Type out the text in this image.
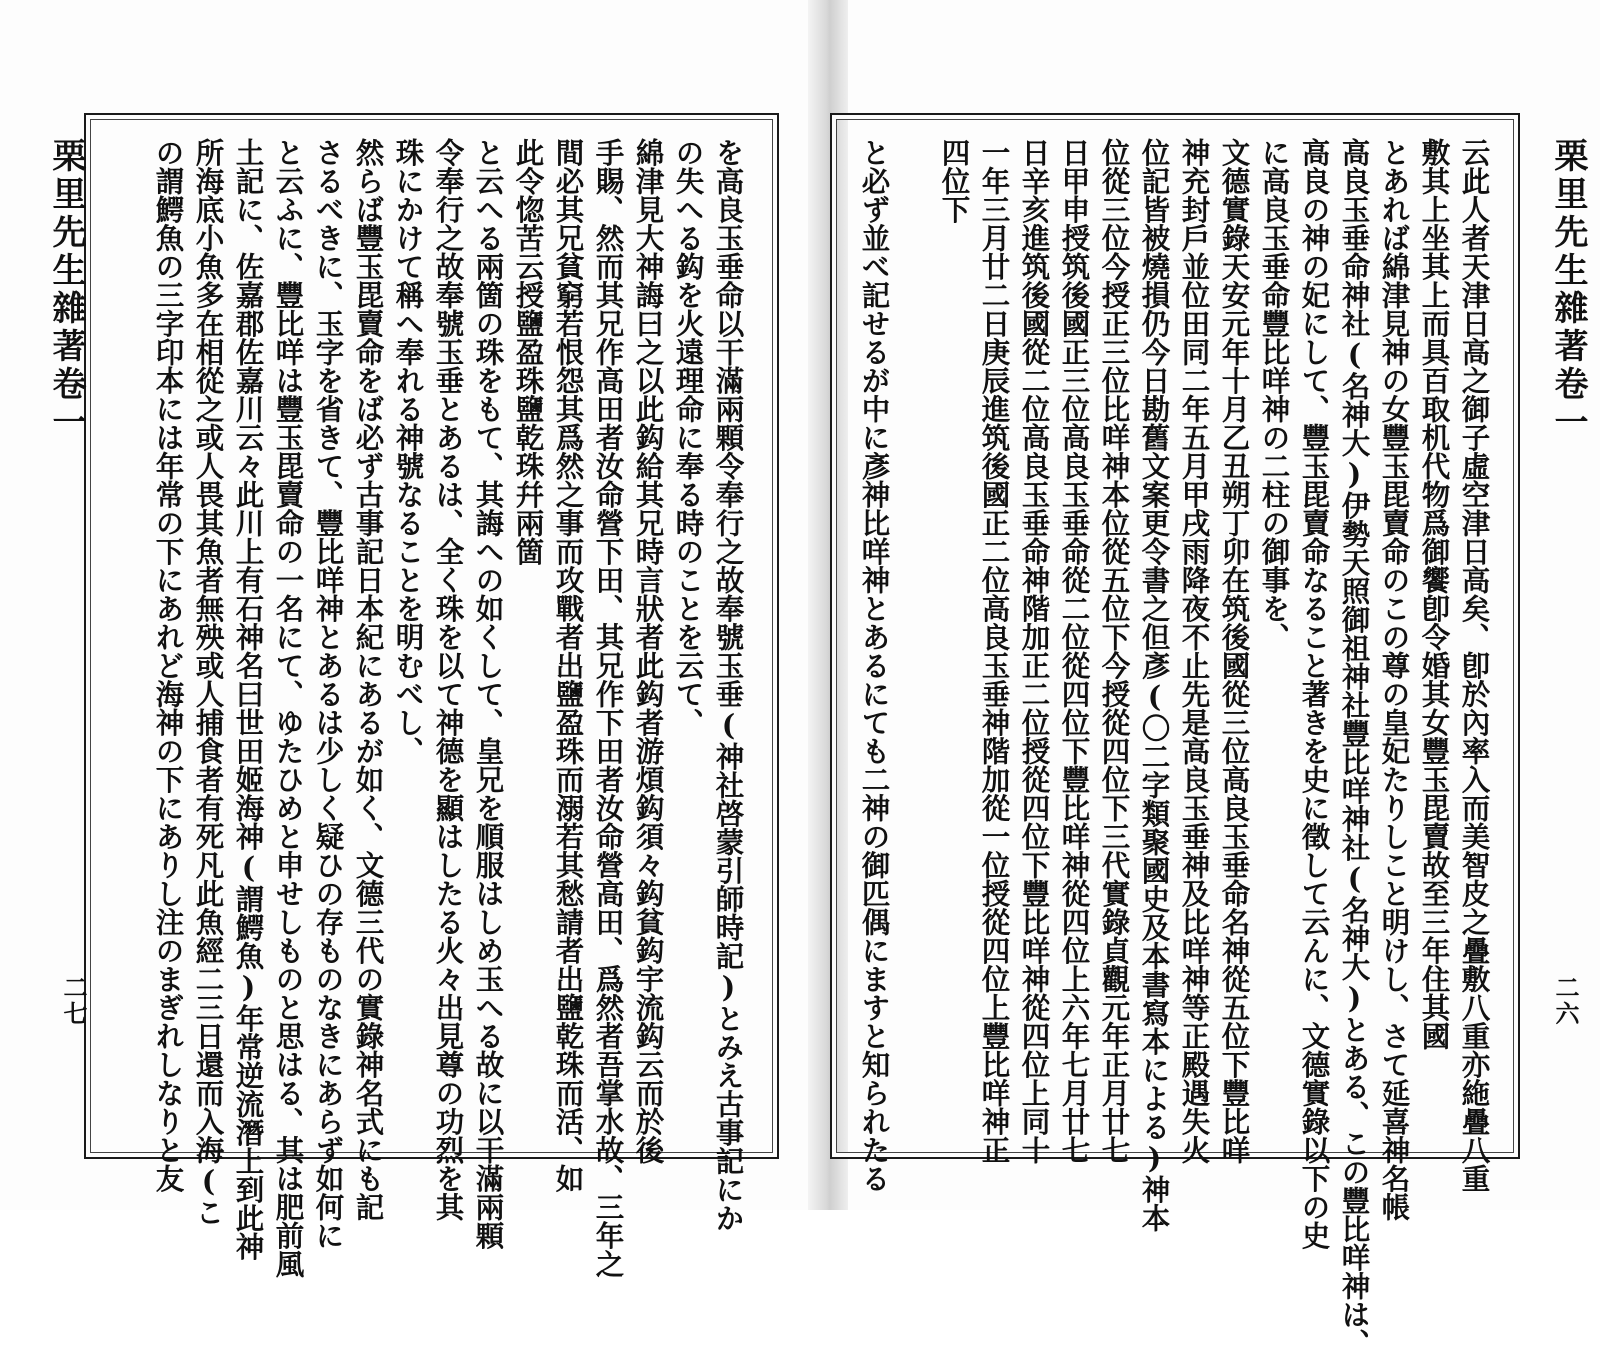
を高良玉垂命以干滿兩顆令奉行之故奉號玉垂(神社啓蒙引師時記)とみえ古事記にか
の失へる鈎を火遠理命に奉る時のことを云て、
綿津見大神誨曰之以此鈎給其兄時言狀者此鈎者游煩鈎須々鈎貧鈎宇流鈎云而於後
手賜、然而其兄作高田者汝命營下田、其兄作下田者汝命營高田、爲然者吾掌水故、三年之
間必其兄貧窮若恨怨其爲然之事而攻戰者出鹽盈珠而溺若其愁請者出鹽乾珠而活、如
此令惚苦云授鹽盈珠鹽乾珠幷兩箇
と云へる兩箇の珠をもて、其誨への如くして、皇兄を順服はしめ玉へる故に以干滿兩顆
令奉行之故奉號玉垂とあるは、全く珠を以て神德を顯はしたる火々出見尊の功烈を其
珠にかけて稱へ奉れる神號なることを明むべし、
然らば豐玉毘賣命をば必ず古事記日本紀にあるが如く、文德三代の實錄神名式にも記
さるべきに、玉字を省きて、豐比咩神とあるは少しく疑ひの存ものなきにあらず如何に
と云ふに、豐比咩は豐玉毘賣命の一名にて、ゆたひめと申せしものと思はる、其は肥前風
土記に、佐嘉郡佐嘉川云々此川上有石神名曰世田姬海神(謂鰐魚)年常逆流潛上到此神
所海底小魚多在相從之或人畏其魚者無殃或人捕食者有死凡此魚經二三日還而入海(こ
の謂鰐魚の三字印本には年常の下にあれど海神の下にありし注のまぎれしなりと友
栗里先生雜著卷一
二七
栗里先生雜著卷一
二六
云此人者天津日高之御子虛空津日高矣、卽於內率入而美智皮之疊敷八重亦絁疊八重
敷其上坐其上而具百取机代物爲御饗卽令婚其女豐玉毘賣故至三年住其國
とあれば綿津見神の女豐玉毘賣命のこの尊の皇妃たりしこと明けし、さて延喜神名帳
高良玉垂命神社(名神大)伊勢天照御祖神社豐比咩神社(名神大)とある、この豐比咩神は、
高良の神の妃にして、豐玉毘賣命なること著きを史に徵して云んに、文德實錄以下の史
に高良玉垂命豐比咩神の二柱の御事を、
文德實錄天安元年十月乙丑朔丁卯在筑後國從三位高良玉垂命名神從五位下豐比咩
神充封戶並位田同二年五月甲戌雨降夜不止先是高良玉垂神及比咩神等正殿遇失火
位記皆被燒損仍今日勘舊文案更令書之但彥(〇二字類聚國史及本書寫本による)神本
位從三位今授正三位比咩神本位從五位下今授從四位下三代實錄貞觀元年正月廿七
日甲申授筑後國正三位高良玉垂命從二位從四位下豐比咩神從四位上六年七月廿七
日辛亥進筑後國從二位高良玉垂命神階加正二位授從四位下豐比咩神從四位上同十
一年三月廿二日庚辰進筑後國正二位高良玉垂神階加從一位授從四位上豐比咩神正
四位下
と必ず並べ記せるが中に彥神比咩神とあるにても二神の御匹偶にますと知られたる
